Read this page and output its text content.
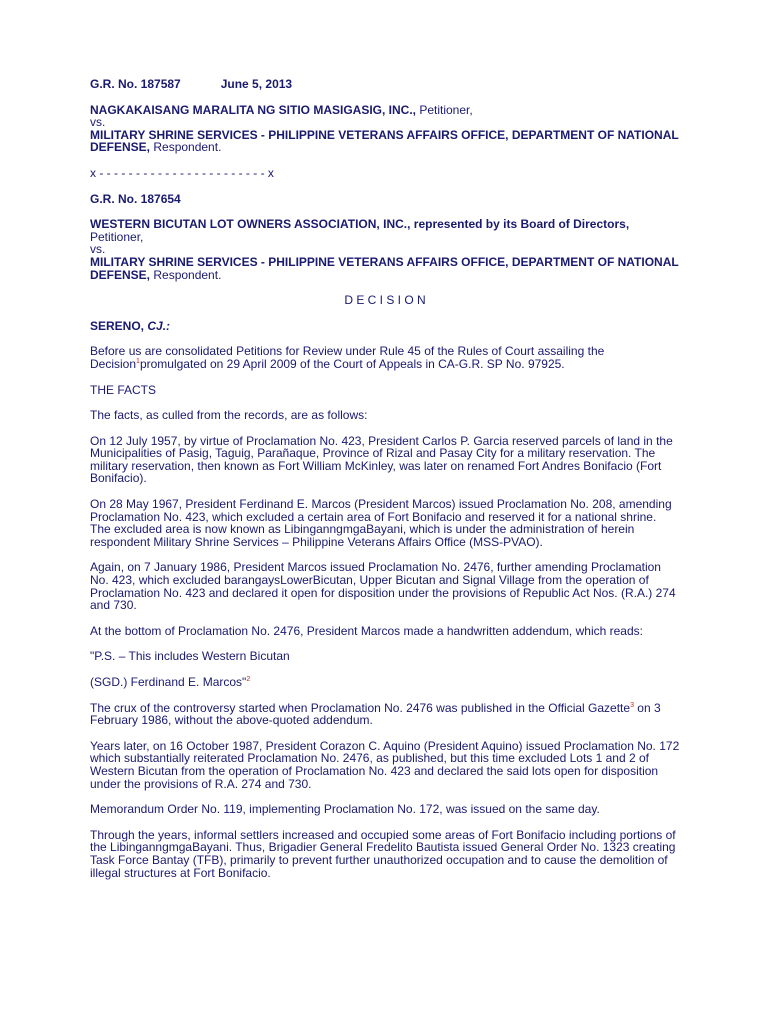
G.R. No. 187587	June 5, 2013

NAGKAKAISANG MARALITA NG SITIO MASIGASIG, INC., Petitioner,

vs.

MILITARY SHRINE SERVICES - PHILIPPINE VETERANS AFFAIRS OFFICE, DEPARTMENT OF NATIONAL DEFENSE, Respondent.

x - - - - - - - - - - - - - - - - - - - - - - - x

G.R. No. 187654

WESTERN BICUTAN LOT OWNERS ASSOCIATION, INC., represented by its Board of Directors, Petitioner,

vs.

MILITARY SHRINE SERVICES - PHILIPPINE VETERANS AFFAIRS OFFICE, DEPARTMENT OF NATIONAL DEFENSE, Respondent.

D E C I S I O N

SERENO, CJ.:

Before us are consolidated Petitions for Review under Rule 45 of the Rules of Court assailing the Decision$^1$promulgated on 29 April 2009 of the Court of Appeals in CA-G.R. SP No. 97925.

THE FACTS

The facts, as culled from the records, are as follows:

On 12 July 1957, by virtue of Proclamation No. 423, President Carlos P. Garcia reserved parcels of land in the Municipalities of Pasig, Taguig, Parañaque, Province of Rizal and Pasay City for a military reservation. The military reservation, then known as Fort William McKinley, was later on renamed Fort Andres Bonifacio (Fort Bonifacio).

On 28 May 1967, President Ferdinand E. Marcos (President Marcos) issued Proclamation No. 208, amending Proclamation No. 423, which excluded a certain area of Fort Bonifacio and reserved it for a national shrine. The excluded area is now known as LibinganngmgaBayani, which is under the administration of herein respondent Military Shrine Services – Philippine Veterans Affairs Office (MSS-PVAO).

Again, on 7 January 1986, President Marcos issued Proclamation No. 2476, further amending Proclamation No. 423, which excluded barangaysLowerBicutan, Upper Bicutan and Signal Village from the operation of Proclamation No. 423 and declared it open for disposition under the provisions of Republic Act Nos. (R.A.) 274 and 730.

At the bottom of Proclamation No. 2476, President Marcos made a handwritten addendum, which reads:

"P.S. – This includes Western Bicutan

(SGD.) Ferdinand E. Marcos"$^2$

The crux of the controversy started when Proclamation No. 2476 was published in the Official Gazette$^3$ on 3 February 1986, without the above-quoted addendum.

Years later, on 16 October 1987, President Corazon C. Aquino (President Aquino) issued Proclamation No. 172 which substantially reiterated Proclamation No. 2476, as published, but this time excluded Lots 1 and 2 of Western Bicutan from the operation of Proclamation No. 423 and declared the said lots open for disposition under the provisions of R.A. 274 and 730.

Memorandum Order No. 119, implementing Proclamation No. 172, was issued on the same day.

Through the years, informal settlers increased and occupied some areas of Fort Bonifacio including portions of the LibinganngmgaBayani. Thus, Brigadier General Fredelito Bautista issued General Order No. 1323 creating Task Force Bantay (TFB), primarily to prevent further unauthorized occupation and to cause the demolition of illegal structures at Fort Bonifacio.
